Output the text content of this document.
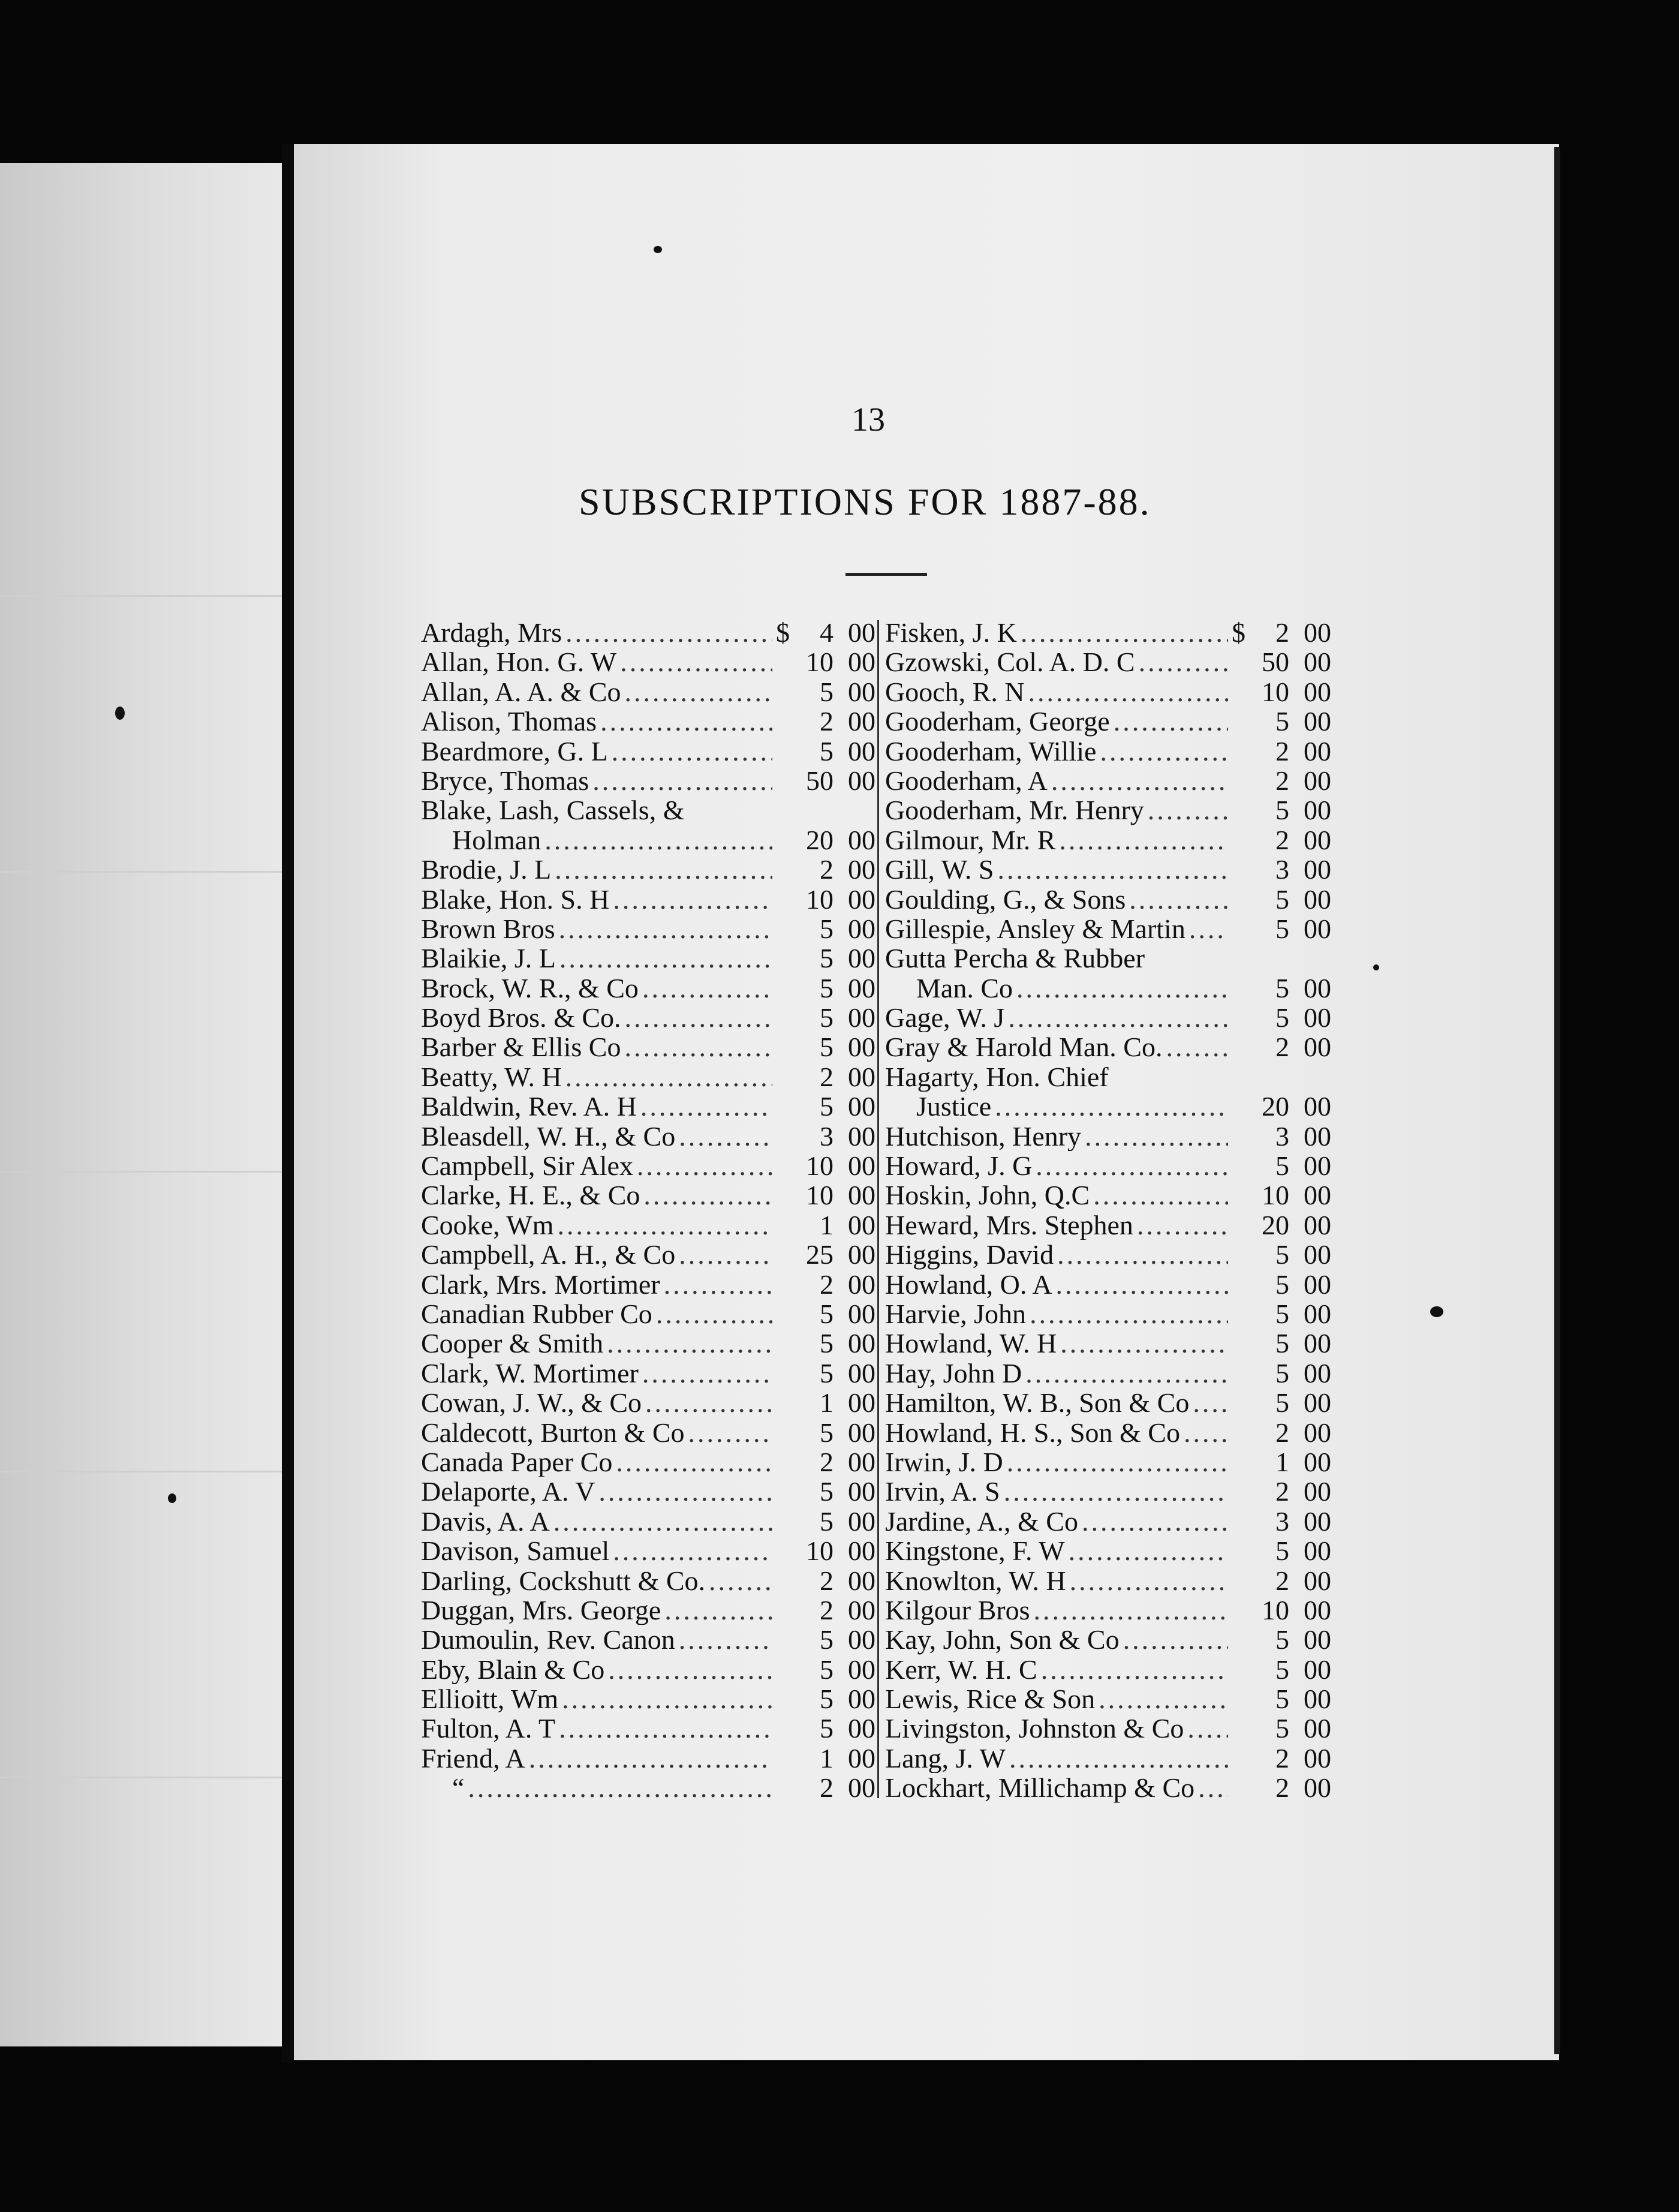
13
SUBSCRIPTIONS FOR 1887-88.
Ardagh, Mrs .....	$ 4 00
Allan, Hon. G. W .....	10 00
Allan, A. A. & Co .....	5 00
Alison, Thomas .....	2 00
Beardmore, G. L .....	5 00
Bryce, Thomas .....	50 00
Blake, Lash, Cassels, &
Holman .....	20 00
Brodie, J. L .....	2 00
Blake, Hon. S. H .....	10 00
Brown Bros .....	5 00
Blaikie, J. L .....	5 00
Brock, W. R., & Co .....	5 00
Boyd Bros. & Co. .....	5 00
Barber & Ellis Co .....	5 00
Beatty, W. H .....	2 00
Baldwin, Rev. A. H .....	5 00
Bleasdell, W. H., & Co .....	3 00
Campbell, Sir Alex .....	10 00
Clarke, H. E., & Co .....	10 00
Cooke, Wm .....	1 00
Campbell, A. H., & Co .....	25 00
Clark, Mrs. Mortimer .....	2 00
Canadian Rubber Co .....	5 00
Cooper & Smith .....	5 00
Clark, W. Mortimer .....	5 00
Cowan, J. W., & Co .....	1 00
Caldecott, Burton & Co .....	5 00
Canada Paper Co .....	2 00
Delaporte, A. V .....	5 00
Davis, A. A .....	5 00
Davison, Samuel .....	10 00
Darling, Cockshutt & Co. .....	2 00
Duggan, Mrs. George .....	2 00
Dumoulin, Rev. Canon .....	5 00
Eby, Blain & Co .....	5 00
Ellioitt, Wm .....	5 00
Fulton, A. T .....	5 00
Friend, A .....	1 00
“ .....	2 00
Fisken, J. K .....	$ 2 00
Gzowski, Col. A. D. C .....	50 00
Gooch, R. N .....	10 00
Gooderham, George .....	5 00
Gooderham, Willie .....	2 00
Gooderham, A .....	2 00
Gooderham, Mr. Henry .....	5 00
Gilmour, Mr. R .....	2 00
Gill, W. S .....	3 00
Goulding, G., & Sons .....	5 00
Gillespie, Ansley & Martin .....	5 00
Gutta Percha & Rubber
Man. Co .....	5 00
Gage, W. J .....	5 00
Gray & Harold Man. Co. .....	2 00
Hagarty, Hon. Chief
Justice .....	20 00
Hutchison, Henry .....	3 00
Howard, J. G .....	5 00
Hoskin, John, Q.C .....	10 00
Heward, Mrs. Stephen .....	20 00
Higgins, David .....	5 00
Howland, O. A .....	5 00
Harvie, John .....	5 00
Howland, W. H .....	5 00
Hay, John D .....	5 00
Hamilton, W. B., Son & Co .....	5 00
Howland, H. S., Son & Co .....	2 00
Irwin, J. D .....	1 00
Irvin, A. S .....	2 00
Jardine, A., & Co .....	3 00
Kingstone, F. W .....	5 00
Knowlton, W. H .....	2 00
Kilgour Bros .....	10 00
Kay, John, Son & Co .....	5 00
Kerr, W. H. C .....	5 00
Lewis, Rice & Son .....	5 00
Livingston, Johnston & Co .....	5 00
Lang, J. W .....	2 00
Lockhart, Millichamp & Co .....	2 00
